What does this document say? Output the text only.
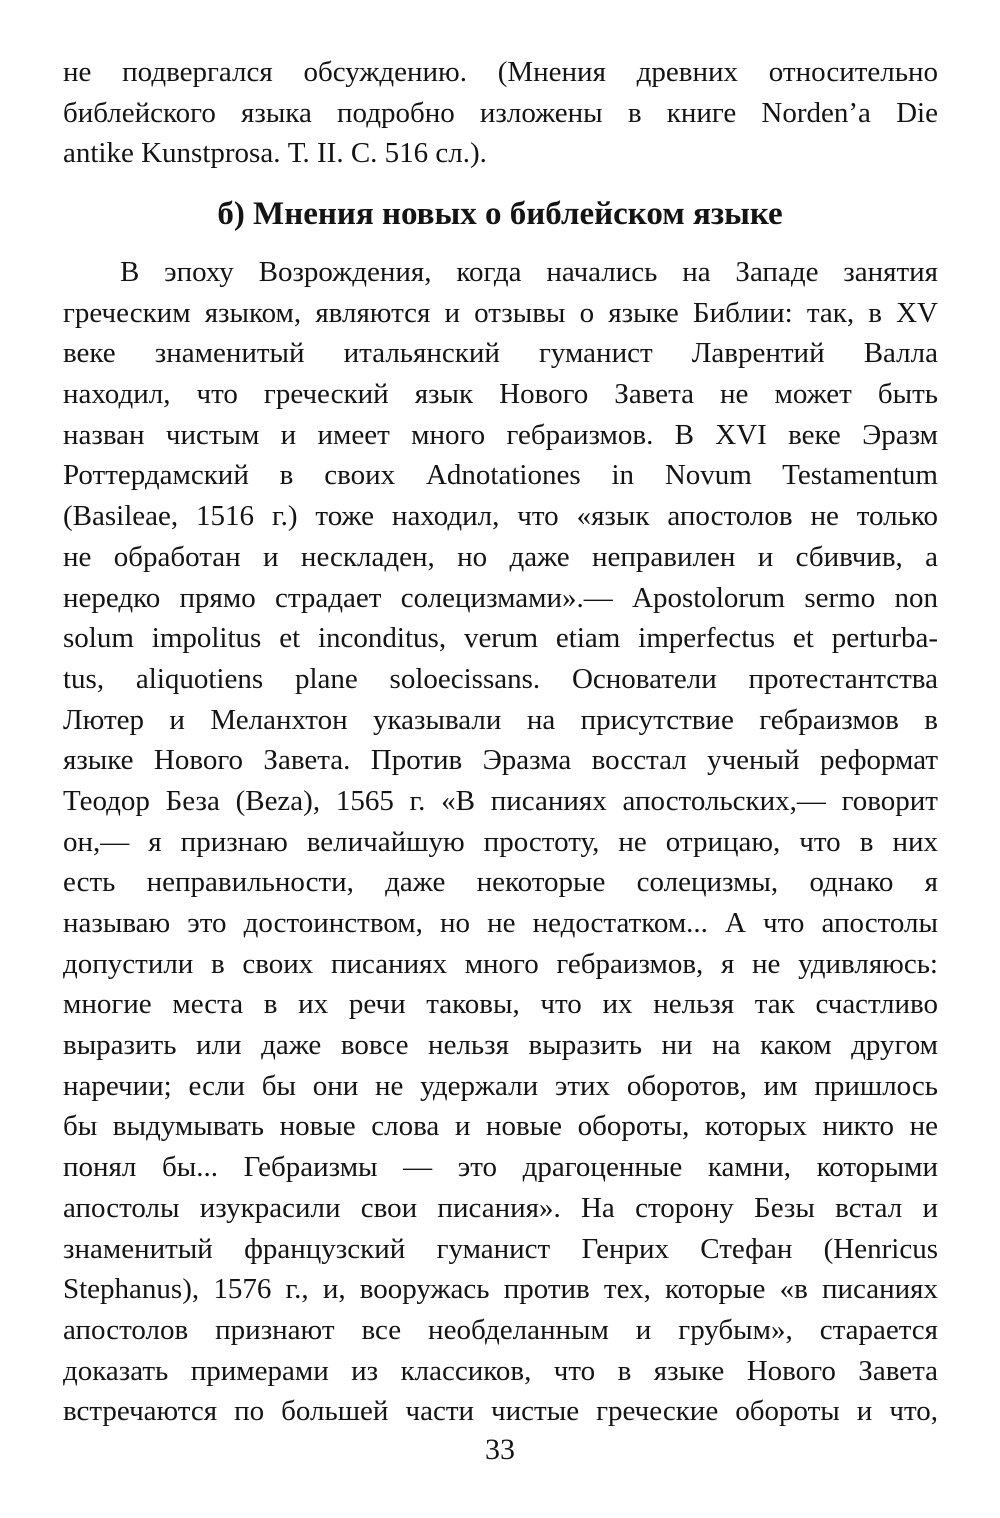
не подвергался обсуждению. (Мнения древних относительно
библейского языка подробно изложены в книге Norden’a Die
antike Kunstprosa. Т. II. С. 516 сл.).
б) Мнения новых о библейском языке
В эпоху Возрождения, когда начались на Западе занятия
греческим языком, являются и отзывы о языке Библии: так, в XV
веке знаменитый итальянский гуманист Лаврентий Валла
находил, что греческий язык Нового Завета не может быть
назван чистым и имеет много гебраизмов. В XVI веке Эразм
Роттердамский в своих Adnotationes in Novum Testamentum
(Basileae, 1516 г.) тоже находил, что «язык апостолов не только
не обработан и нескладен, но даже неправилен и сбивчив, а
нередко прямо страдает солецизмами».— Apostolorum sermo non
solum impolitus et inconditus, verum etiam imperfectus et perturba-
tus, aliquotiens plane soloecissans. Основатели протестантства
Лютер и Меланхтон указывали на присутствие гебраизмов в
языке Нового Завета. Против Эразма восстал ученый реформат
Теодор Беза (Beza), 1565 г. «В писаниях апостольских,— говорит
он,— я признаю величайшую простоту, не отрицаю, что в них
есть неправильности, даже некоторые солецизмы, однако я
называю это достоинством, но не недостатком... А что апостолы
допустили в своих писаниях много гебраизмов, я не удивляюсь:
многие места в их речи таковы, что их нельзя так счастливо
выразить или даже вовсе нельзя выразить ни на каком другом
наречии; если бы они не удержали этих оборотов, им пришлось
бы выдумывать новые слова и новые обороты, которых никто не
понял бы... Гебраизмы — это драгоценные камни, которыми
апостолы изукрасили свои писания». На сторону Безы встал и
знаменитый французский гуманист Генрих Стефан (Henricus
Stephanus), 1576 г., и, вооружась против тех, которые «в писаниях
апостолов признают все необделанным и грубым», старается
доказать примерами из классиков, что в языке Нового Завета
встречаются по большей части чистые греческие обороты и что,
33
